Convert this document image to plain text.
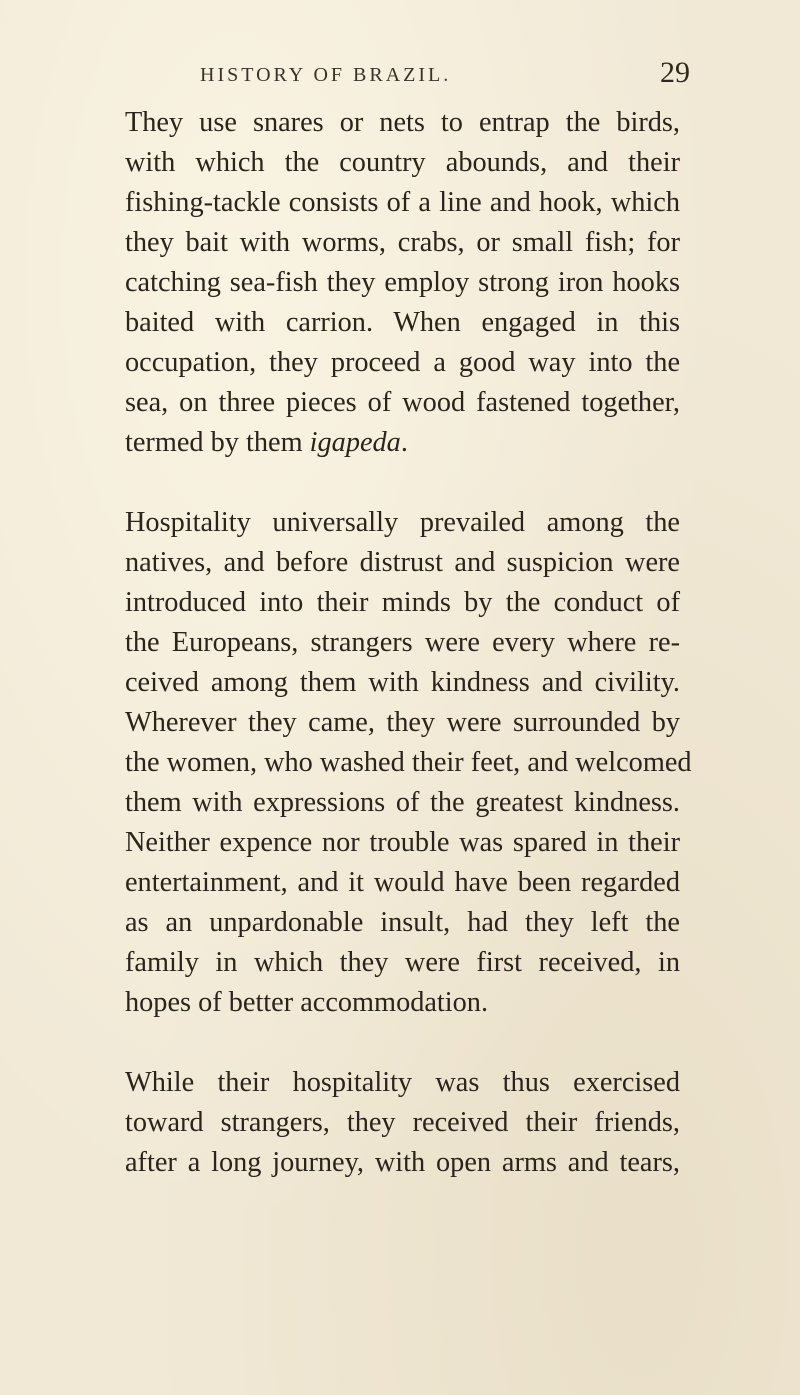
HISTORY OF BRAZIL.	29

They use snares or nets to entrap the birds,
with which the country abounds, and their
fishing-tackle consists of a line and hook, which
they bait with worms, crabs, or small fish; for
catching sea-fish they employ strong iron hooks
baited with carrion. When engaged in this
occupation, they proceed a good way into the
sea, on three pieces of wood fastened together,
termed by them igapeda.

Hospitality universally prevailed among the
natives, and before distrust and suspicion were
introduced into their minds by the conduct of
the Europeans, strangers were every where re-
ceived among them with kindness and civility.
Wherever they came, they were surrounded by
the women, who washed their feet, and welcomed
them with expressions of the greatest kindness.
Neither expence nor trouble was spared in their
entertainment, and it would have been regarded
as an unpardonable insult, had they left the
family in which they were first received, in
hopes of better accommodation.

While their hospitality was thus exercised
toward strangers, they received their friends,
after a long journey, with open arms and tears,
